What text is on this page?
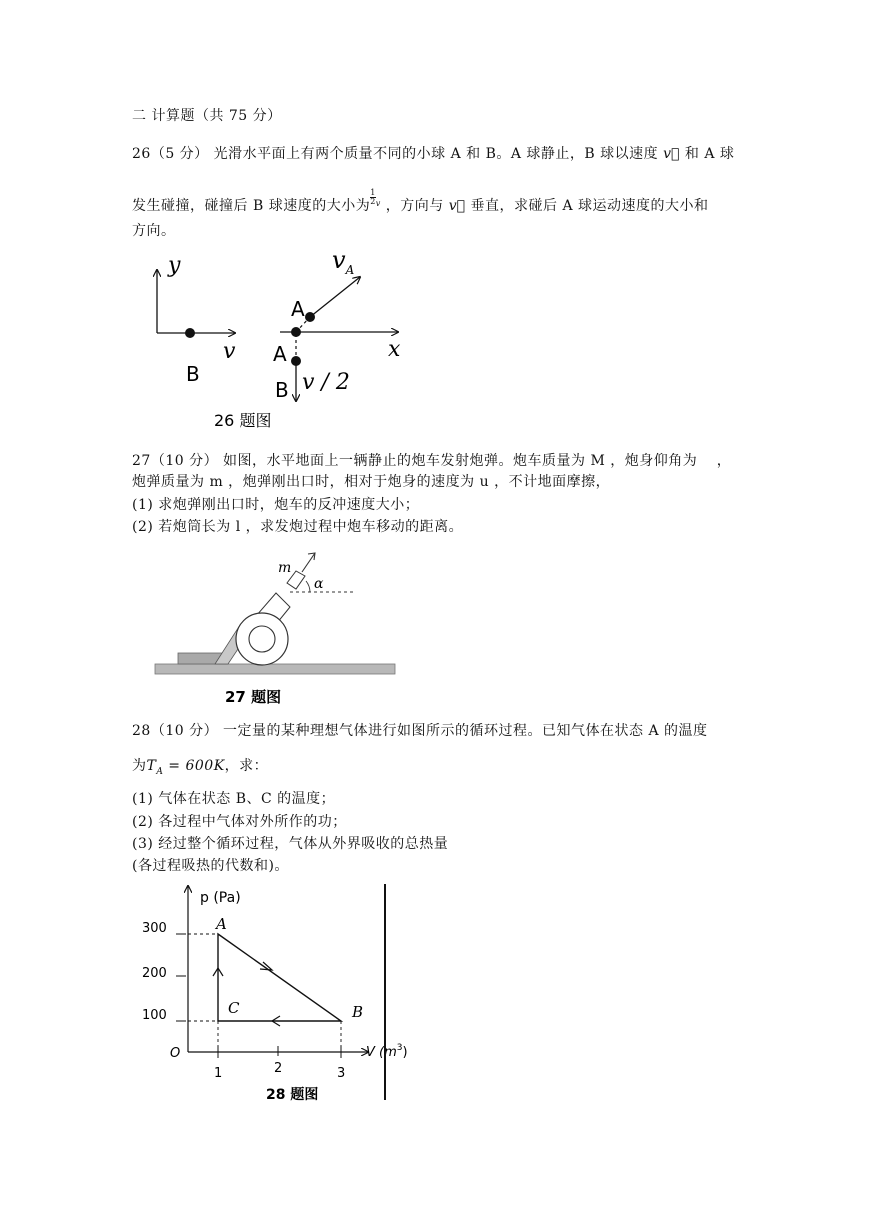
二 计算题（共 75 分）
26（5 分） 光滑水平面上有两个质量不同的小球 A 和 B。A 球静止，B 球以速度 v⃗ 和 A 球
发生碰撞，碰撞后 B 球速度的大小为 $\frac{1}{2} ^v$ ，方向与 v⃗ 垂直，求碰后 A 球运动速度的大小和
方向。
y
v
B
x
$v_A$
A
A
B v / 2
26 题图
27（10 分） 如图，水平地面上一辆静止的炮车发射炮弹。炮车质量为 M ，炮身仰角为　 ，
炮弹质量为 m ，炮弹刚出口时，相对于炮身的速度为 u ，不计地面摩擦，
(1) 求炮弹刚出口时，炮车的反冲速度大小；
(2) 若炮筒长为 l ，求发炮过程中炮车移动的距离。
m
α
27 题图
28（10 分） 一定量的某种理想气体进行如图所示的循环过程。已知气体在状态 A 的温度
为$T_A = 600K$，求：
(1) 气体在状态 B、C 的温度；
(2) 各过程中气体对外所作的功；
(3) 经过整个循环过程，气体从外界吸收的总热量
(各过程吸热的代数和)。
p (Pa)
V $(m^3)$
O
300
200
100
1	2	3
A
B
C
28 题图
